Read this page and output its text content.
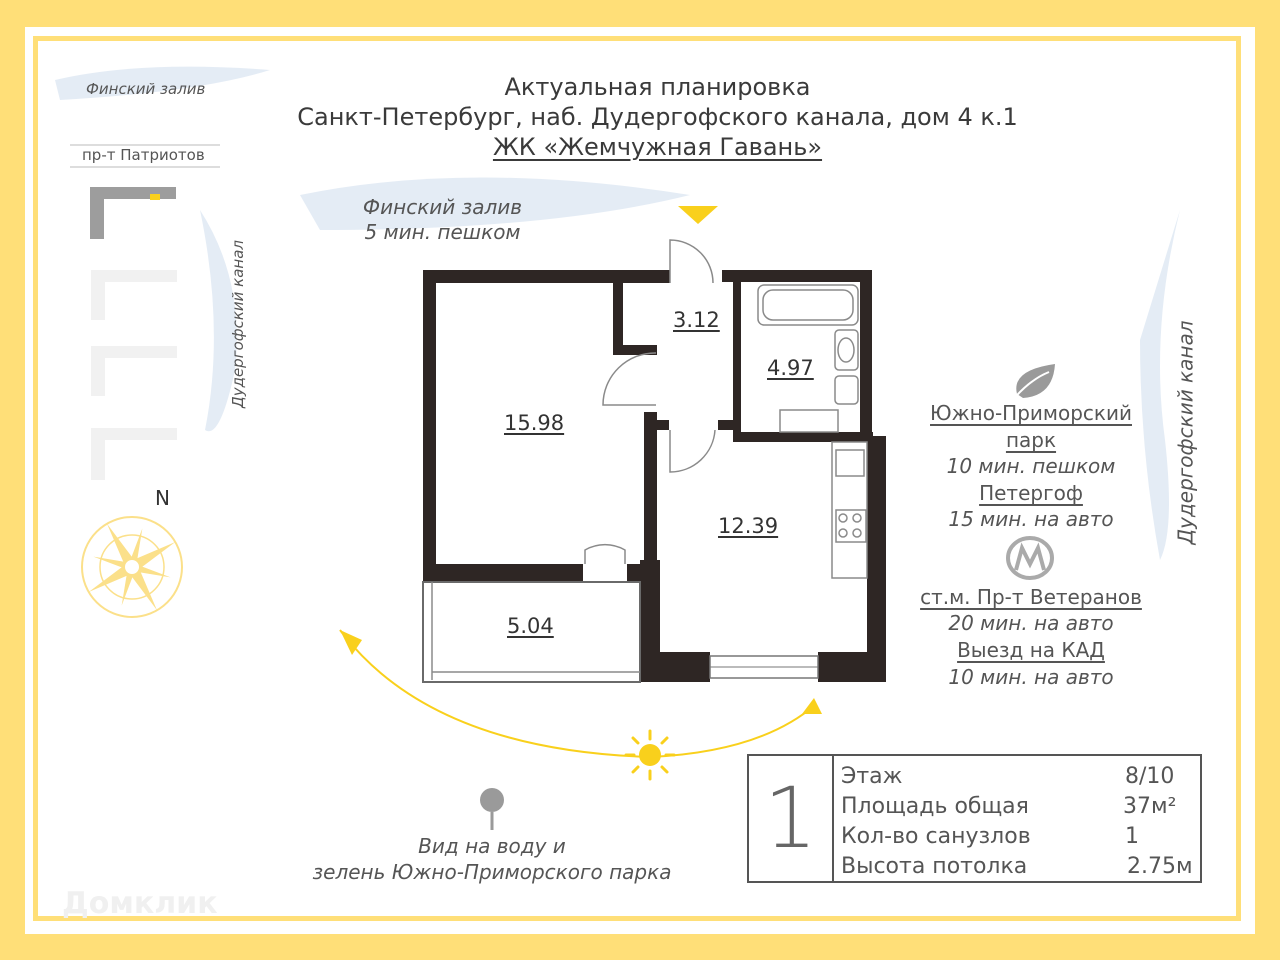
Актуальная планировка
Санкт-Петербург, наб. Дудергофского канала, дом 4 к.1
ЖК «Жемчужная Гавань»
Финский залив
пр-т Патриотов
Дудергофский канал
N
Финский залив
5 мин. пешком
3.12
4.97
15.98
12.39
5.04
Дудергофский канал
Южно-Приморский парк
10 мин. пешком
Петергоф
15 мин. на авто
ст.м. Пр-т Ветеранов
20 мин. на авто
Выезд на КАД
10 мин. на авто
Вид на воду и
зелень Южно-Приморского парка
1	Этаж	8/10
Площадь общая	37м²
Кол-во санузлов	1
Высота потолка	2.75м
Домклик
